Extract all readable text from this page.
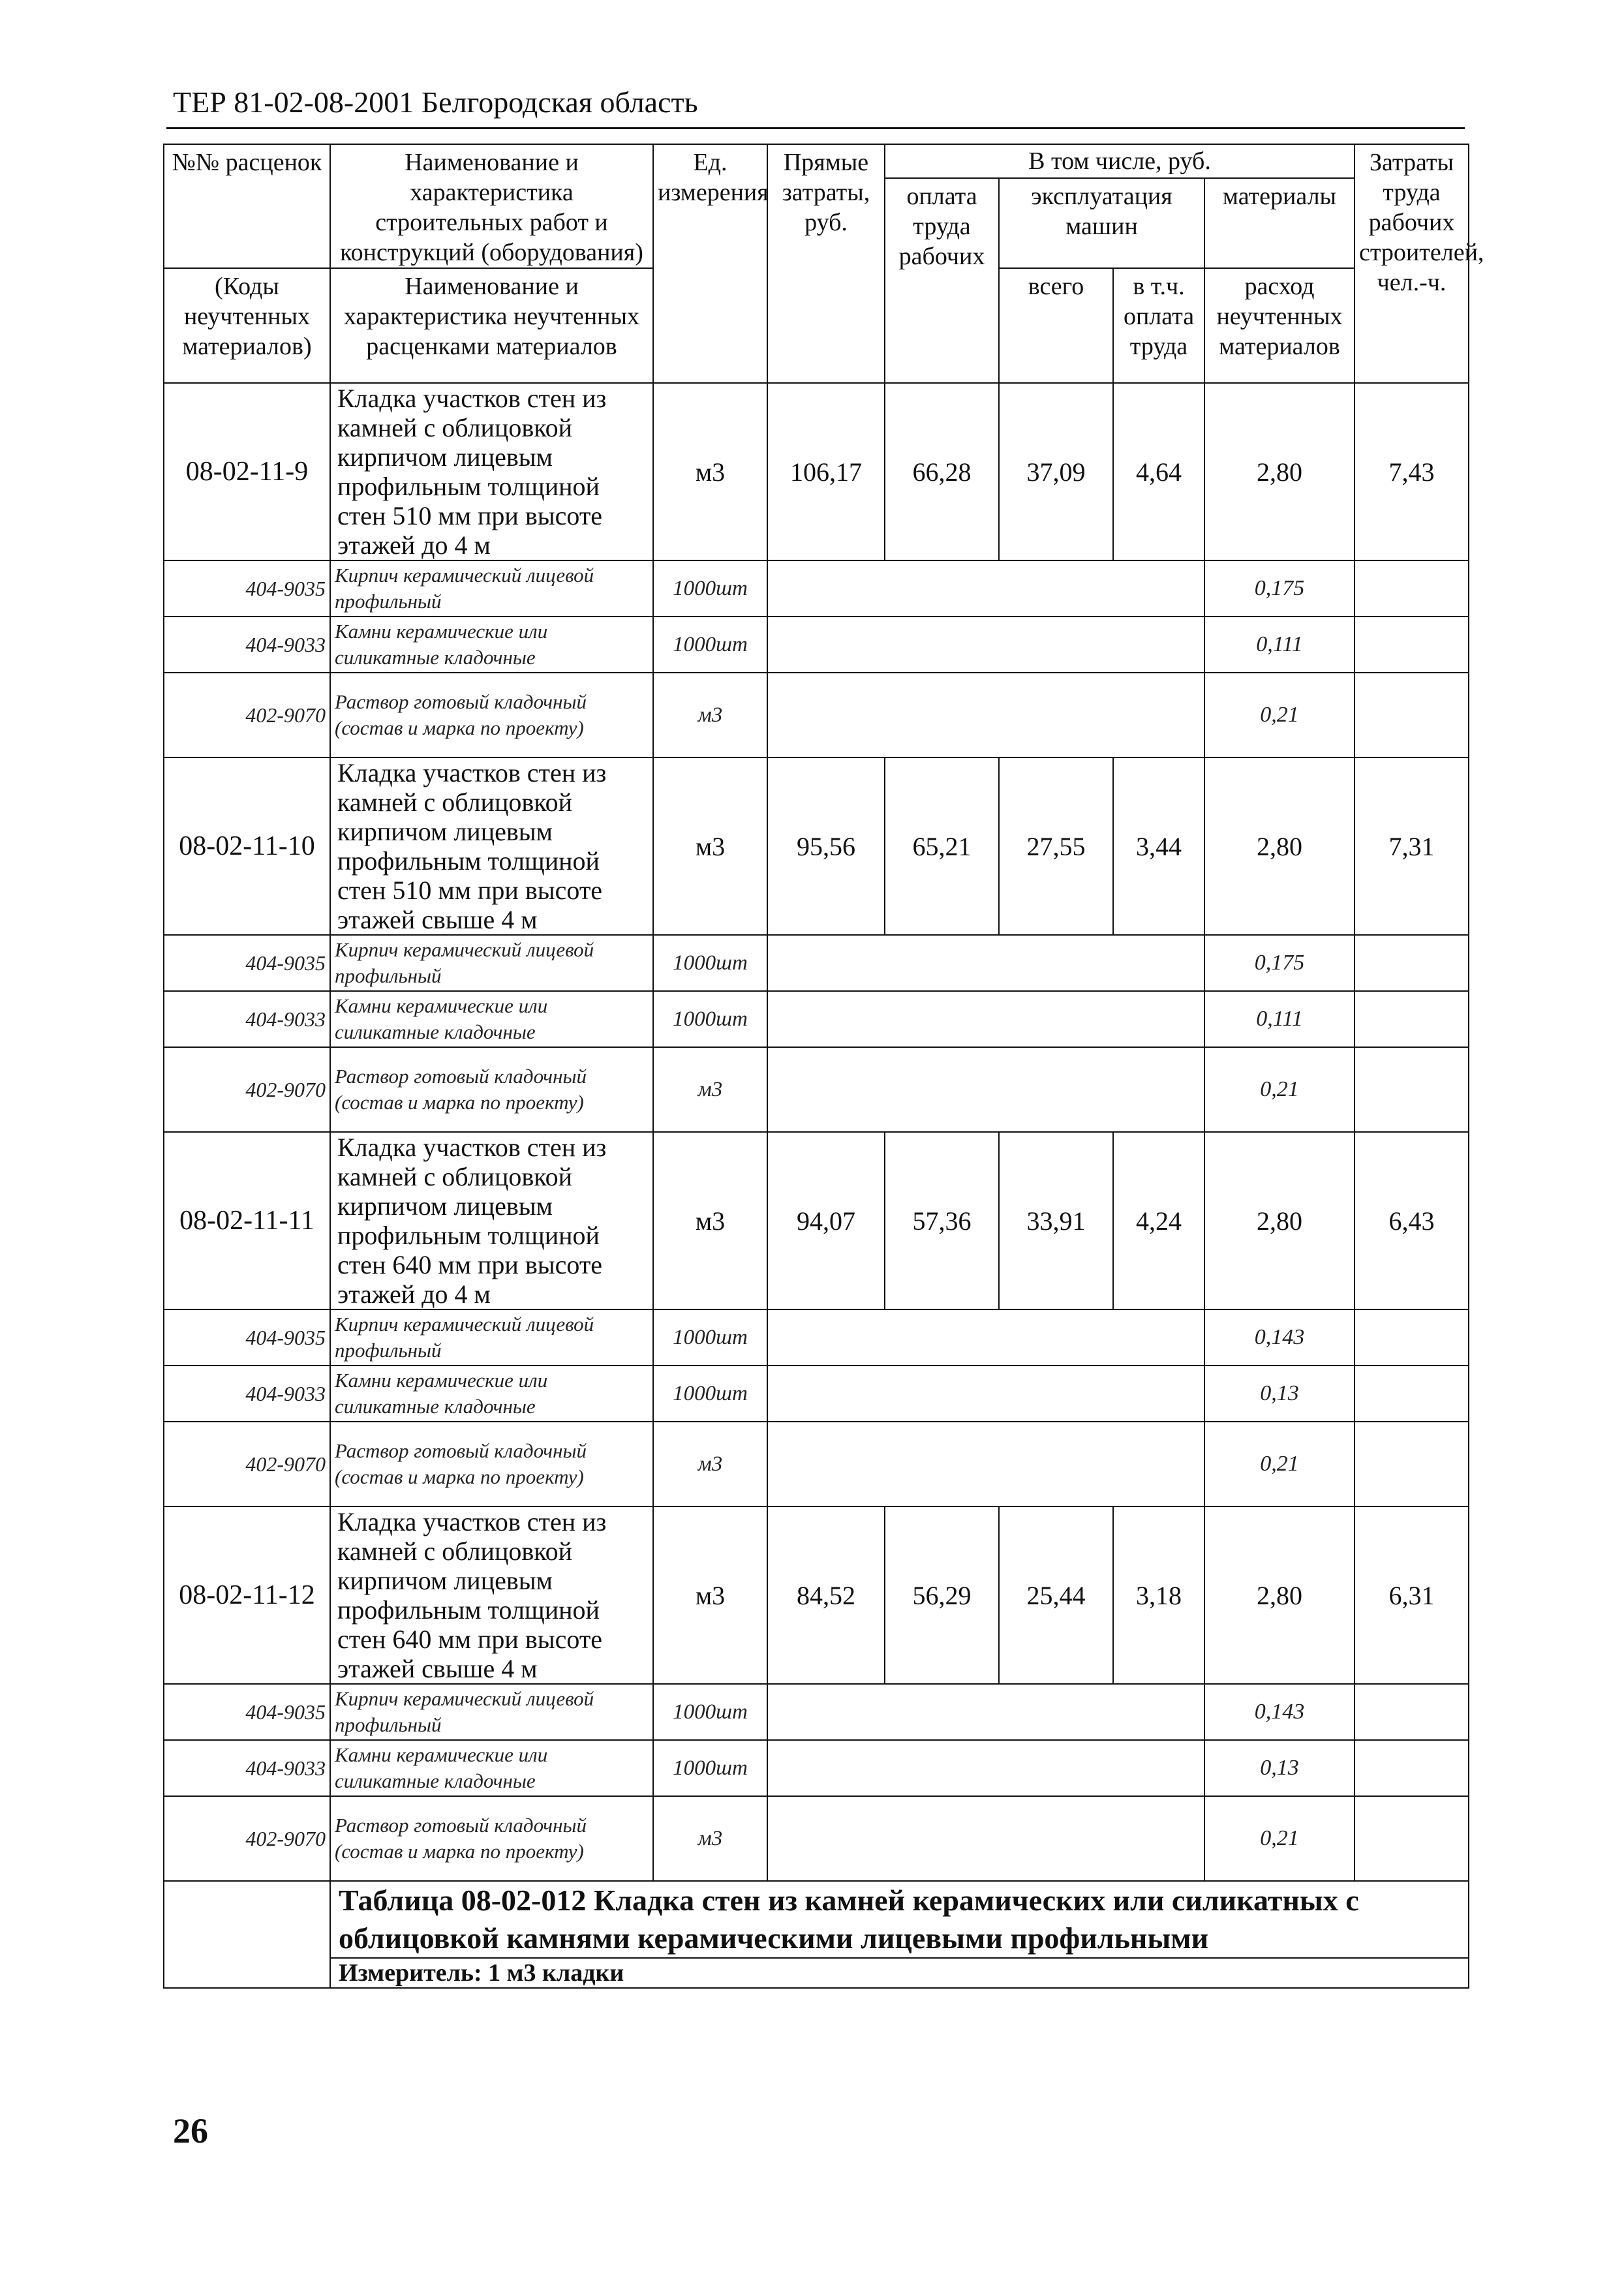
ТЕР 81-02-08-2001 Белгородская область
№№ расценок	Наименование и характеристика строительных работ и конструкций (оборудования)	Ед. измерения	Прямые затраты, руб.	В том числе, руб.				Затраты труда рабочих строителей, чел.-ч.
				оплата труда рабочих	эксплуатация машин		материалы	
(Коды неучтенных материалов)	Наименование и характеристика неучтенных расценками материалов				всего	в т.ч. оплата труда	расход неучтенных материалов	
08-02-11-9	Кладка участков стен из камней с облицовкой кирпичом лицевым профильным толщиной стен 510 мм при высоте этажей до 4 м	м3	106,17	66,28	37,09	4,64	2,80	7,43
404-9035	Кирпич керамический лицевой профильный	1000шт					0,175	
404-9033	Камни керамические или силикатные кладочные	1000шт					0,111	
402-9070	Раствор готовый кладочный (состав и марка по проекту)	м3					0,21	
08-02-11-10	Кладка участков стен из камней с облицовкой кирпичом лицевым профильным толщиной стен 510 мм при высоте этажей свыше 4 м	м3	95,56	65,21	27,55	3,44	2,80	7,31
404-9035	Кирпич керамический лицевой профильный	1000шт					0,175	
404-9033	Камни керамические или силикатные кладочные	1000шт					0,111	
402-9070	Раствор готовый кладочный (состав и марка по проекту)	м3					0,21	
08-02-11-11	Кладка участков стен из камней с облицовкой кирпичом лицевым профильным толщиной стен 640 мм при высоте этажей до 4 м	м3	94,07	57,36	33,91	4,24	2,80	6,43
404-9035	Кирпич керамический лицевой профильный	1000шт					0,143	
404-9033	Камни керамические или силикатные кладочные	1000шт					0,13	
402-9070	Раствор готовый кладочный (состав и марка по проекту)	м3					0,21	
08-02-11-12	Кладка участков стен из камней с облицовкой кирпичом лицевым профильным толщиной стен 640 мм при высоте этажей свыше 4 м	м3	84,52	56,29	25,44	3,18	2,80	6,31
404-9035	Кирпич керамический лицевой профильный	1000шт					0,143	
404-9033	Камни керамические или силикатные кладочные	1000шт					0,13	
402-9070	Раствор готовый кладочный (состав и марка по проекту)	м3					0,21	
	Таблица 08-02-012 Кладка стен из камней керамических или силикатных с облицовкой камнями керамическими лицевыми профильными							
	Измеритель: 1 м3 кладки							
26
